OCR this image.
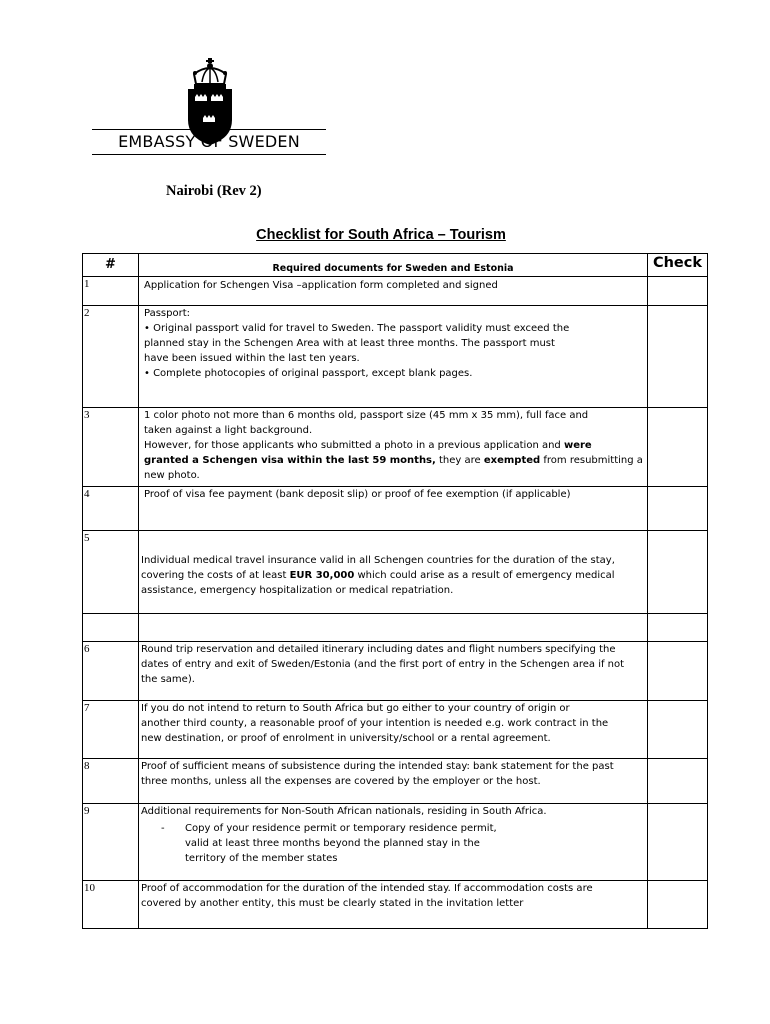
EMBASSY OF SWEDEN
Nairobi (Rev 2)
Checklist for South Africa – Tourism
#	Required documents for Sweden and Estonia	Check
1	Application for Schengen Visa –application form completed and signed	

2	Passport:
• Original passport valid for travel to Sweden. The passport validity must exceed the
planned stay in the Schengen Area with at least three months. The passport must
have been issued within the last ten years.
• Complete photocopies of original passport, except blank pages.	

3	1 color photo not more than 6 months old, passport size (45 mm x 35 mm), full face and
taken against a light background.
However, for those applicants who submitted a photo in a previous application and were
granted a Schengen visa within the last 59 months, they are exempted from resubmitting a
new photo.	

4	Proof of visa fee payment (bank deposit slip) or proof of fee exemption (if applicable)	

5	Individual medical travel insurance valid in all Schengen countries for the duration of the stay,
covering the costs of at least EUR 30,000 which could arise as a result of emergency medical
assistance, emergency hospitalization or medical repatriation.	

6	Round trip reservation and detailed itinerary including dates and flight numbers specifying the
dates of entry and exit of Sweden/Estonia (and the first port of entry in the Schengen area if not
the same).	

7	If you do not intend to return to South Africa but go either to your country of origin or
another third county, a reasonable proof of your intention is needed e.g. work contract in the
new destination, or proof of enrolment in university/school or a rental agreement.	

8	Proof of sufficient means of subsistence during the intended stay: bank statement for the past
three months, unless all the expenses are covered by the employer or the host.	

9	Additional requirements for Non-South African nationals, residing in South Africa.
- Copy of your residence permit or temporary residence permit,
valid at least three months beyond the planned stay in the
territory of the member states	

10	Proof of accommodation for the duration of the intended stay. If accommodation costs are
covered by another entity, this must be clearly stated in the invitation letter	
